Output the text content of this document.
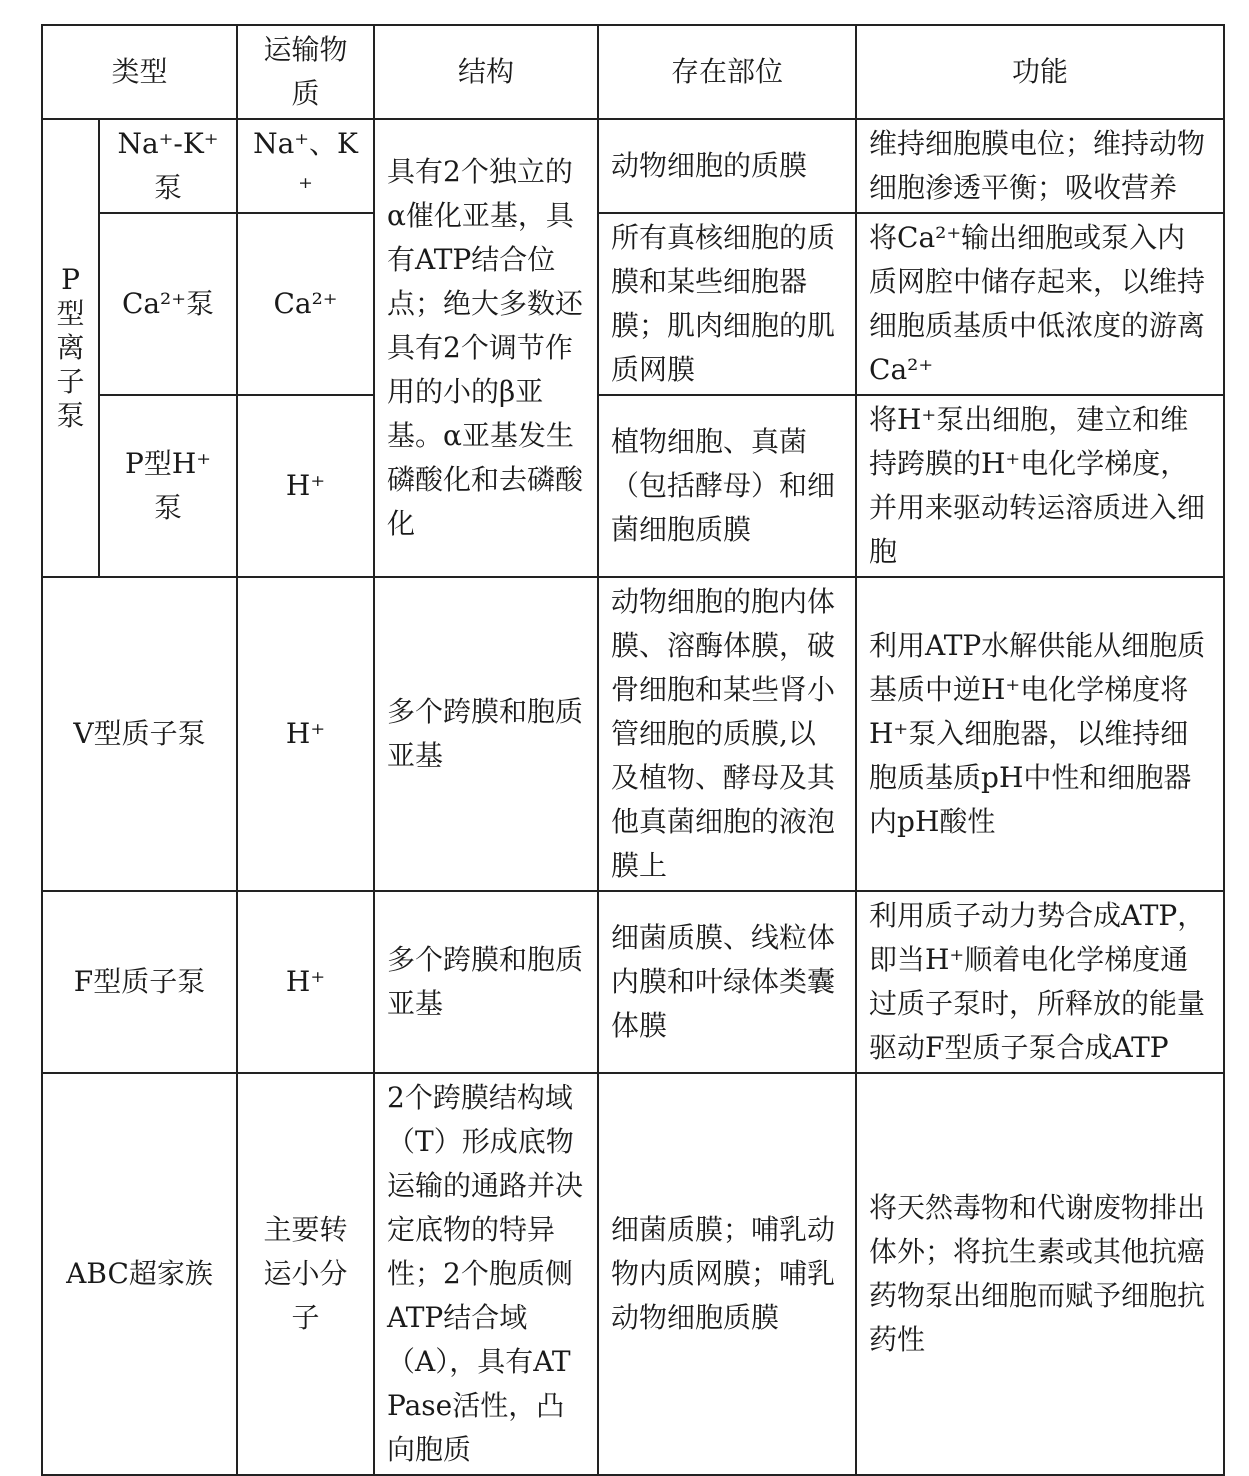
类型		运输物质	结构	存在部位	功能

P
型
离
子
泵	Na⁺-K⁺泵	Na⁺、K⁺	具有2个独立的α催化亚基，具有ATP结合位点；绝大多数还具有2个调节作用的小的β亚基。α亚基发生磷酸化和去磷酸化	动物细胞的质膜	维持细胞膜电位；维持动物细胞渗透平衡；吸收营养
	Ca²⁺泵	Ca²⁺		所有真核细胞的质膜和某些细胞器膜；肌肉细胞的肌质网膜	将Ca²⁺输出细胞或泵入内质网腔中储存起来，以维持细胞质基质中低浓度的游离Ca²⁺
	P型H⁺泵	H⁺		植物细胞、真菌（包括酵母）和细菌细胞质膜	将H⁺泵出细胞，建立和维持跨膜的H⁺电化学梯度，并用来驱动转运溶质进入细胞
V型质子泵		H⁺	多个跨膜和胞质亚基	动物细胞的胞内体膜、溶酶体膜，破骨细胞和某些肾小管细胞的质膜,以及植物、酵母及其他真菌细胞的液泡膜上	利用ATP水解供能从细胞质基质中逆H⁺电化学梯度将H⁺泵入细胞器，以维持细胞质基质pH中性和细胞器内pH酸性
F型质子泵		H⁺	多个跨膜和胞质亚基	细菌质膜、线粒体内膜和叶绿体类囊体膜	利用质子动力势合成ATP，即当H⁺顺着电化学梯度通过质子泵时，所释放的能量驱动F型质子泵合成ATP
ABC超家族		主要转运小分子	2个跨膜结构域（T）形成底物运输的通路并决定底物的特异性；2个胞质侧ATP结合域（A），具有ATPase活性，凸向胞质	细菌质膜；哺乳动物内质网膜；哺乳动物细胞质膜	将天然毒物和代谢废物排出体外；将抗生素或其他抗癌药物泵出细胞而赋予细胞抗药性
